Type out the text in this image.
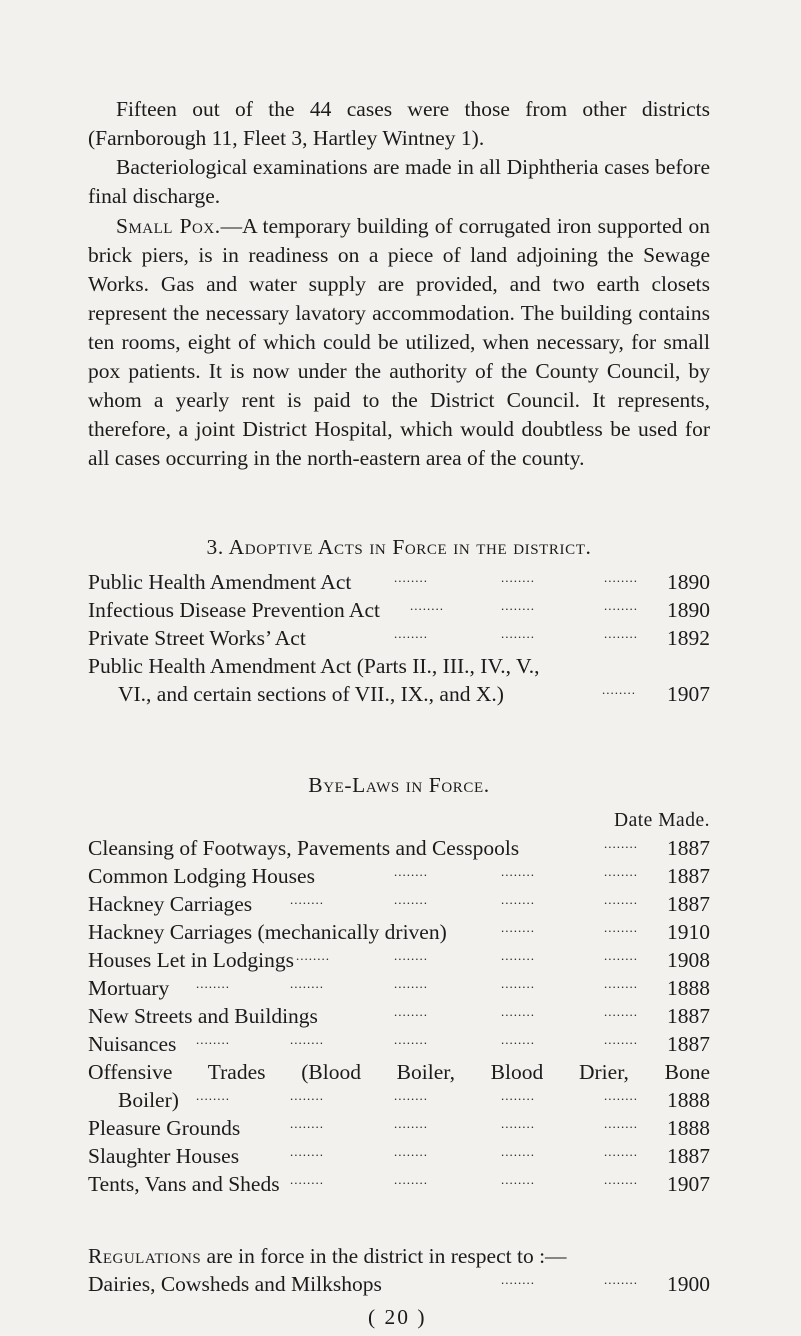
Fifteen out of the 44 cases were those from other districts (Farnborough 11, Fleet 3, Hartley Wintney 1).
Bacteriological examinations are made in all Diphtheria cases before final discharge.
Small Pox.—A temporary building of corrugated iron supported on brick piers, is in readiness on a piece of land adjoining the Sewage Works. Gas and water supply are provided, and two earth closets represent the necessary lavatory accommodation. The building contains ten rooms, eight of which could be utilized, when necessary, for small pox patients. It is now under the authority of the County Council, by whom a yearly rent is paid to the District Council. It represents, therefore, a joint District Hospital, which would doubtless be used for all cases occurring in the north-eastern area of the county.
3. Adoptive Acts in Force in the district.
Public Health Amendment Act	........	........	........	1890
Infectious Disease Prevention Act ........	........	........	1890
Private Street Works’ Act	........	........	........	1892
Public Health Amendment Act (Parts II., III., IV., V.,
VI., and certain sections of VII., IX., and X.)	........	1907
Bye-Laws in Force.
Date Made.
Cleansing of Footways, Pavements and Cesspools	........	1887
Common Lodging Houses	........	........	........	1887
Hackney Carriages	........	........	........	........	1887
Hackney Carriages (mechanically driven)	........	........	1910
Houses Let in Lodgings ........	........	........	........	1908
Mortuary ........	........	........	........	........	1888
New Streets and Buildings	........	........	........	1887
Nuisances ........	........	........	........	........	1887
Offensive Trades (Blood Boiler, Blood Drier, Bone
Boiler) ........	........	........	........	........	1888
Pleasure Grounds	........	........	........	........	1888
Slaughter Houses	........	........	........	........	1887
Tents, Vans and Sheds ........	........	........	........	1907
Regulations are in force in the district in respect to :—
Dairies, Cowsheds and Milkshops	........	........	1900
( 20 )
